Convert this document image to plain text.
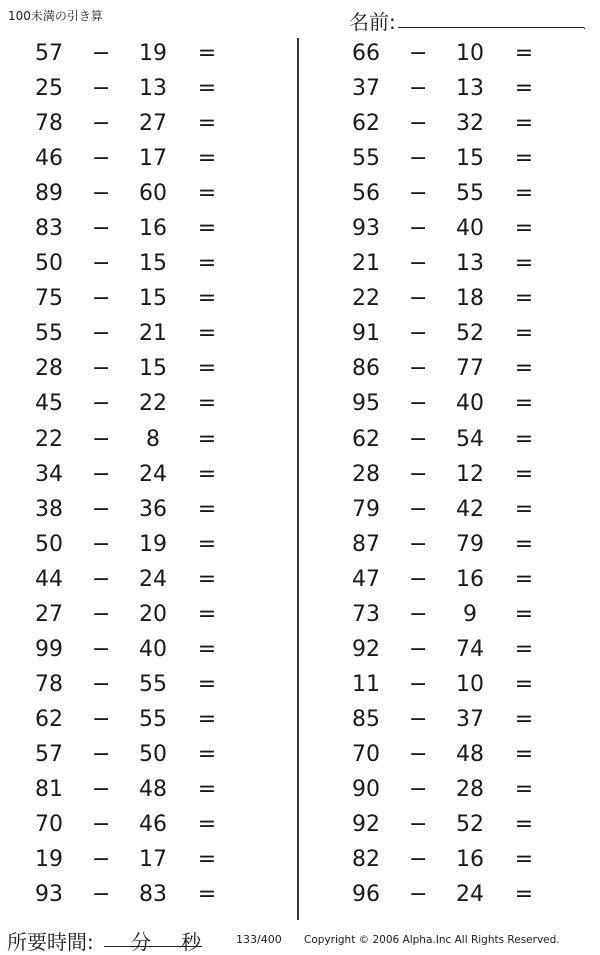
100未満の引き算	名前:	.
57 − 19 =
25 − 13 =
78 − 27 =
46 − 17 =
89 − 60 =
83 − 16 =
50 − 15 =
75 − 15 =
55 − 21 =
28 − 15 =
45 − 22 =
22 −	8	=
34 − 24 =
38 − 36 =
50 − 19 =
44 − 24 =
27 − 20 =
99 − 40 =
78 − 55 =
62 − 55 =
57 − 50 =
81 − 48 =
70 − 46 =
19 − 17 =
93 − 83 =
66 − 10 =
37 − 13 =
62 − 32 =
55 − 15 =
56 − 55 =
93 − 40 =
21 − 13 =
22 − 18 =
91 − 52 =
86 − 77 =
95 − 40 =
62 − 54 =
28 − 12 =
79 − 42 =
87 − 79 =
47 − 16 =
73 −	9	=
92 − 74 =
11 − 10 =
85 − 37 =
70 − 48 =
90 − 28 =
92 − 52 =
82 − 16 =
96 − 24 =
所要時間: 分 秒	133/400 Copyright © 2006 Alpha.Inc All Rights Reserved.
